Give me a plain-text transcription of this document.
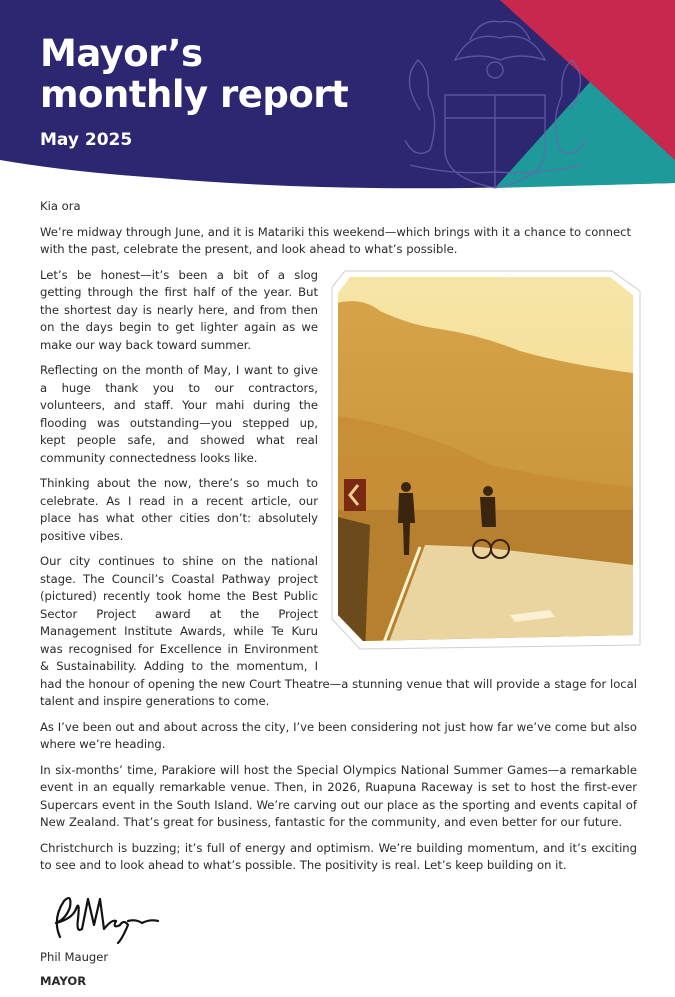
Mayor’s
monthly report
May 2025

Kia ora

We’re midway through June, and it is Matariki this weekend—which brings with it a chance to connect with the past, celebrate the present, and look ahead to what’s possible.

Let’s be honest—it’s been a bit of a slog getting through the first half of the year. But the shortest day is nearly here, and from then on the days begin to get lighter again as we make our way back toward summer.

Reflecting on the month of May, I want to give a huge thank you to our contractors, volunteers, and staff. Your mahi during the flooding was outstanding—you stepped up, kept people safe, and showed what real community connectedness looks like.

Thinking about the now, there’s so much to celebrate. As I read in a recent article, our place has what other cities don’t: absolutely positive vibes.

Our city continues to shine on the national stage. The Council’s Coastal Pathway project (pictured) recently took home the Best Public Sector Project award at the Project Management Institute Awards, while Te Kuru was recognised for Excellence in Environment & Sustainability. Adding to the momentum, I had the honour of opening the new Court Theatre—a stunning venue that will provide a stage for local talent and inspire generations to come.

As I’ve been out and about across the city, I’ve been considering not just how far we’ve come but also where we’re heading.

In six-months’ time, Parakiore will host the Special Olympics National Summer Games—a remarkable event in an equally remarkable venue. Then, in 2026, Ruapuna Raceway is set to host the first-ever Supercars event in the South Island. We’re carving out our place as the sporting and events capital of New Zealand. That’s great for business, fantastic for the community, and even better for our future.

Christchurch is buzzing; it’s full of energy and optimism. We’re building momentum, and it’s exciting to see and to look ahead to what’s possible. The positivity is real. Let’s keep building on it.

Phil Mauger

MAYOR
